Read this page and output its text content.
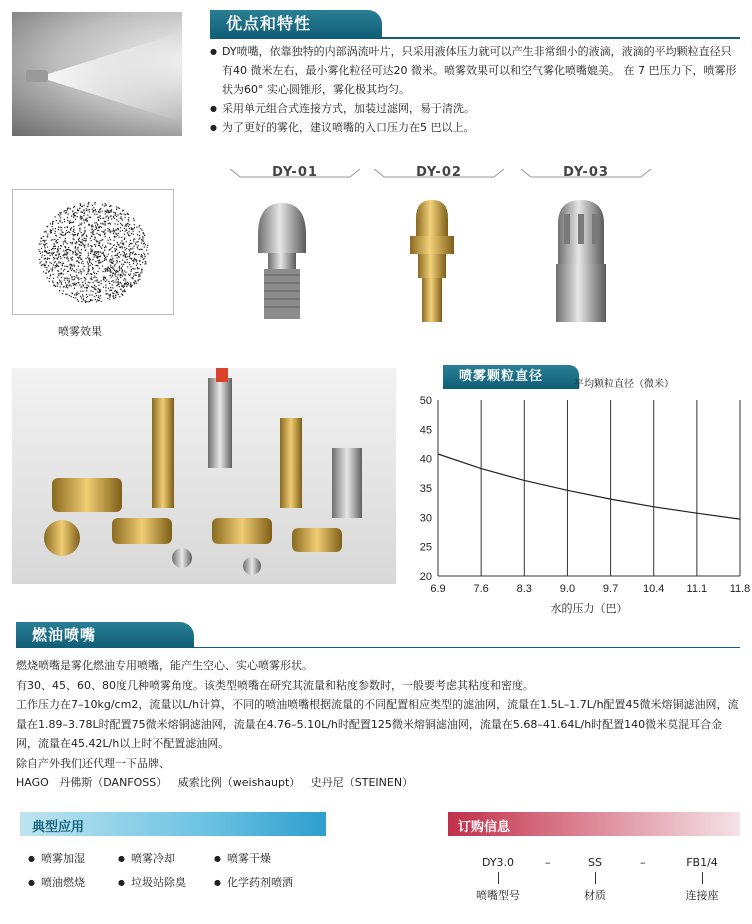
优点和特性
● DY喷嘴，依靠独特的内部涡流叶片，只采用液体压力就可以产生非常细小的液滴，液滴的平均颗粒直径只有40 微米左右，最小雾化粒径可达20 微米。喷雾效果可以和空气雾化喷嘴媲美。 在 7 巴压力下，喷雾形状为60° 实心圆锥形，雾化极其均匀。
● 采用单元组合式连接方式，加装过滤网，易于清洗。
● 为了更好的雾化，建议喷嘴的入口压力在5 巴以上。
喷雾效果
DY-01	DY-02	DY-03
喷雾颗粒直径
平均颗粒直径（微米）
6.9	7.6	8.3	9.0	9.7 10.4 11.1 11.8
50
45
40
35
30
25
20
水的压力（巴）
燃油喷嘴

燃烧喷嘴是雾化燃油专用喷嘴，能产生空心、实心喷雾形状。

有30、45、60、80度几种喷雾角度。该类型喷嘴在研究其流量和粘度参数时，一般要考虑其粘度和密度。

工作压力在7–10kg/cm2，流量以L/h计算，不同的喷油喷嘴根据流量的不同配置相应类型的滤油网，流量在1.5L–1.7L/h配置45微米熔铜滤油网，流量在1.89–3.78L时配置75微米熔铜滤油网，流量在4.76–5.10L/h时配置125微米熔铜滤油网，流量在5.68–41.64L/h时配置140微米莫混耳合金网，流量在45.42L/h以上时不配置滤油网。

除自产外我们还代理一下品牌、

HAGO   丹佛斯（DANFOSS）   威索比例（weishaupt）   史丹尼（STEINEN）

典型应用
● 喷雾加湿	● 喷雾冷却	● 喷雾干燥
● 喷油燃烧	● 垃圾站除臭	● 化学药剂喷洒
订购信息
DY3.0
喷嘴型号
–	SS
材质
–	FB1/4
连接座
